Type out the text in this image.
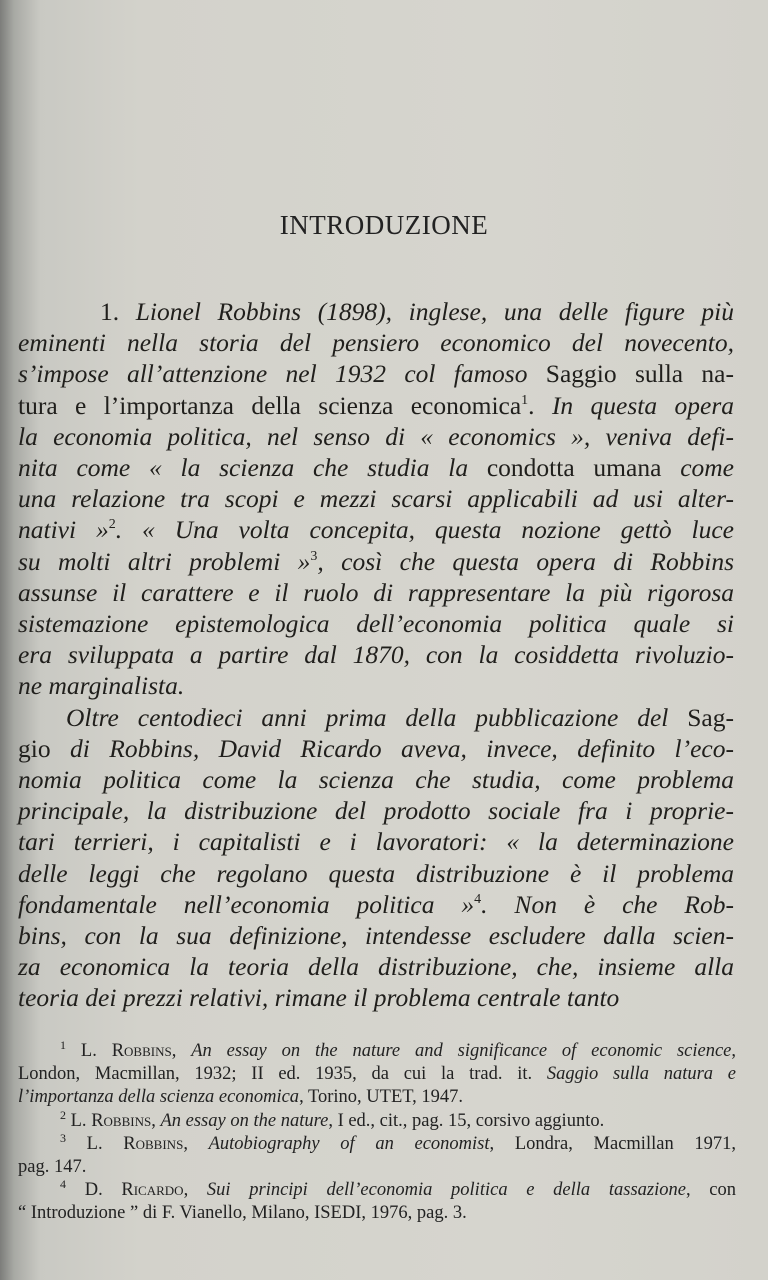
INTRODUZIONE
1. Lionel Robbins (1898), inglese, una delle figure più
eminenti nella storia del pensiero economico del novecento,
s’impose all’attenzione nel 1932 col famoso Saggio sulla na-
tura e l’importanza della scienza economica$^1$. In questa opera
la economia politica, nel senso di « economics », veniva defi-
nita come « la scienza che studia la condotta umana come
una relazione tra scopi e mezzi scarsi applicabili ad usi alter-
nativi »$^2$. « Una volta concepita, questa nozione gettò luce
su molti altri problemi »$^3$, così che questa opera di Robbins
assunse il carattere e il ruolo di rappresentare la più rigorosa
sistemazione epistemologica dell’economia politica quale si
era sviluppata a partire dal 1870, con la cosiddetta rivoluzio-
ne marginalista.
Oltre centodieci anni prima della pubblicazione del Sag-
gio di Robbins, David Ricardo aveva, invece, definito l’eco-
nomia politica come la scienza che studia, come problema
principale, la distribuzione del prodotto sociale fra i proprie-
tari terrieri, i capitalisti e i lavoratori: « la determinazione
delle leggi che regolano questa distribuzione è il problema
fondamentale nell’economia politica »$^4$. Non è che Rob-
bins, con la sua definizione, intendesse escludere dalla scien-
za economica la teoria della distribuzione, che, insieme alla
teoria dei prezzi relativi, rimane il problema centrale tanto
$^1$ L. Robbins, An essay on the nature and significance of economic science,
London, Macmillan, 1932; II ed. 1935, da cui la trad. it. Saggio sulla natura e
l’importanza della scienza economica, Torino, UTET, 1947.
$^2$ L. Robbins, An essay on the nature, I ed., cit., pag. 15, corsivo aggiunto.
$^3$ L. Robbins, Autobiography of an economist, Londra, Macmillan 1971,
pag. 147.
$^4$ D. Ricardo, Sui principi dell’economia politica e della tassazione, con
“ Introduzione ” di F. Vianello, Milano, ISEDI, 1976, pag. 3.
